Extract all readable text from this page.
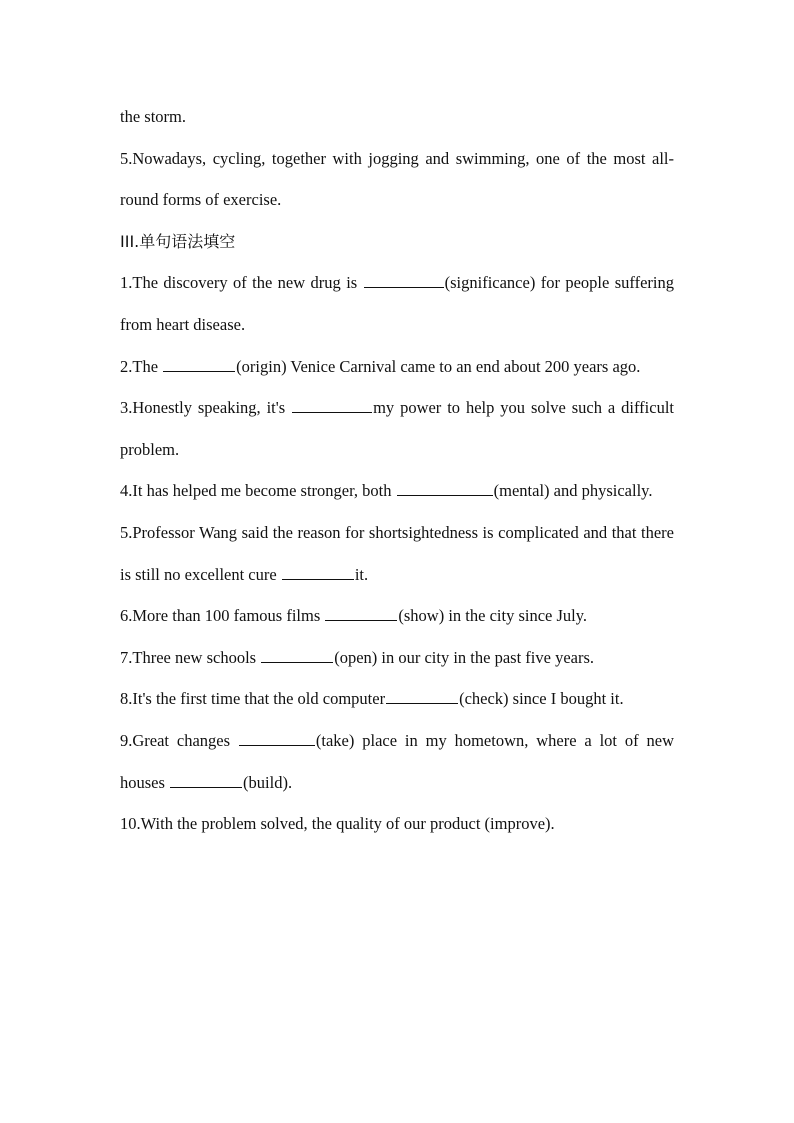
the storm.

5.Nowadays, cycling, together with jogging and swimming, one of the most all-round forms of exercise.

III.单句语法填空

1.The discovery of the new drug is	(significance) for people suffering from heart disease.

2.The	(origin) Venice Carnival came to an end about 200 years ago.

3.Honestly speaking, it's	my power to help you solve such a difficult problem.

4.It has helped me become stronger, both	(mental) and physically.

5.Professor Wang said the reason for shortsightedness is complicated and that there is still no excellent cure	it.

6.More than 100 famous films	(show) in the city since July.

7.Three new schools	(open) in our city in the past five years.

8.It's the first time that the old computer	(check) since I bought it.

9.Great changes	(take) place in my hometown, where a lot of new houses	(build).

10.With the problem solved, the quality of our product (improve).
